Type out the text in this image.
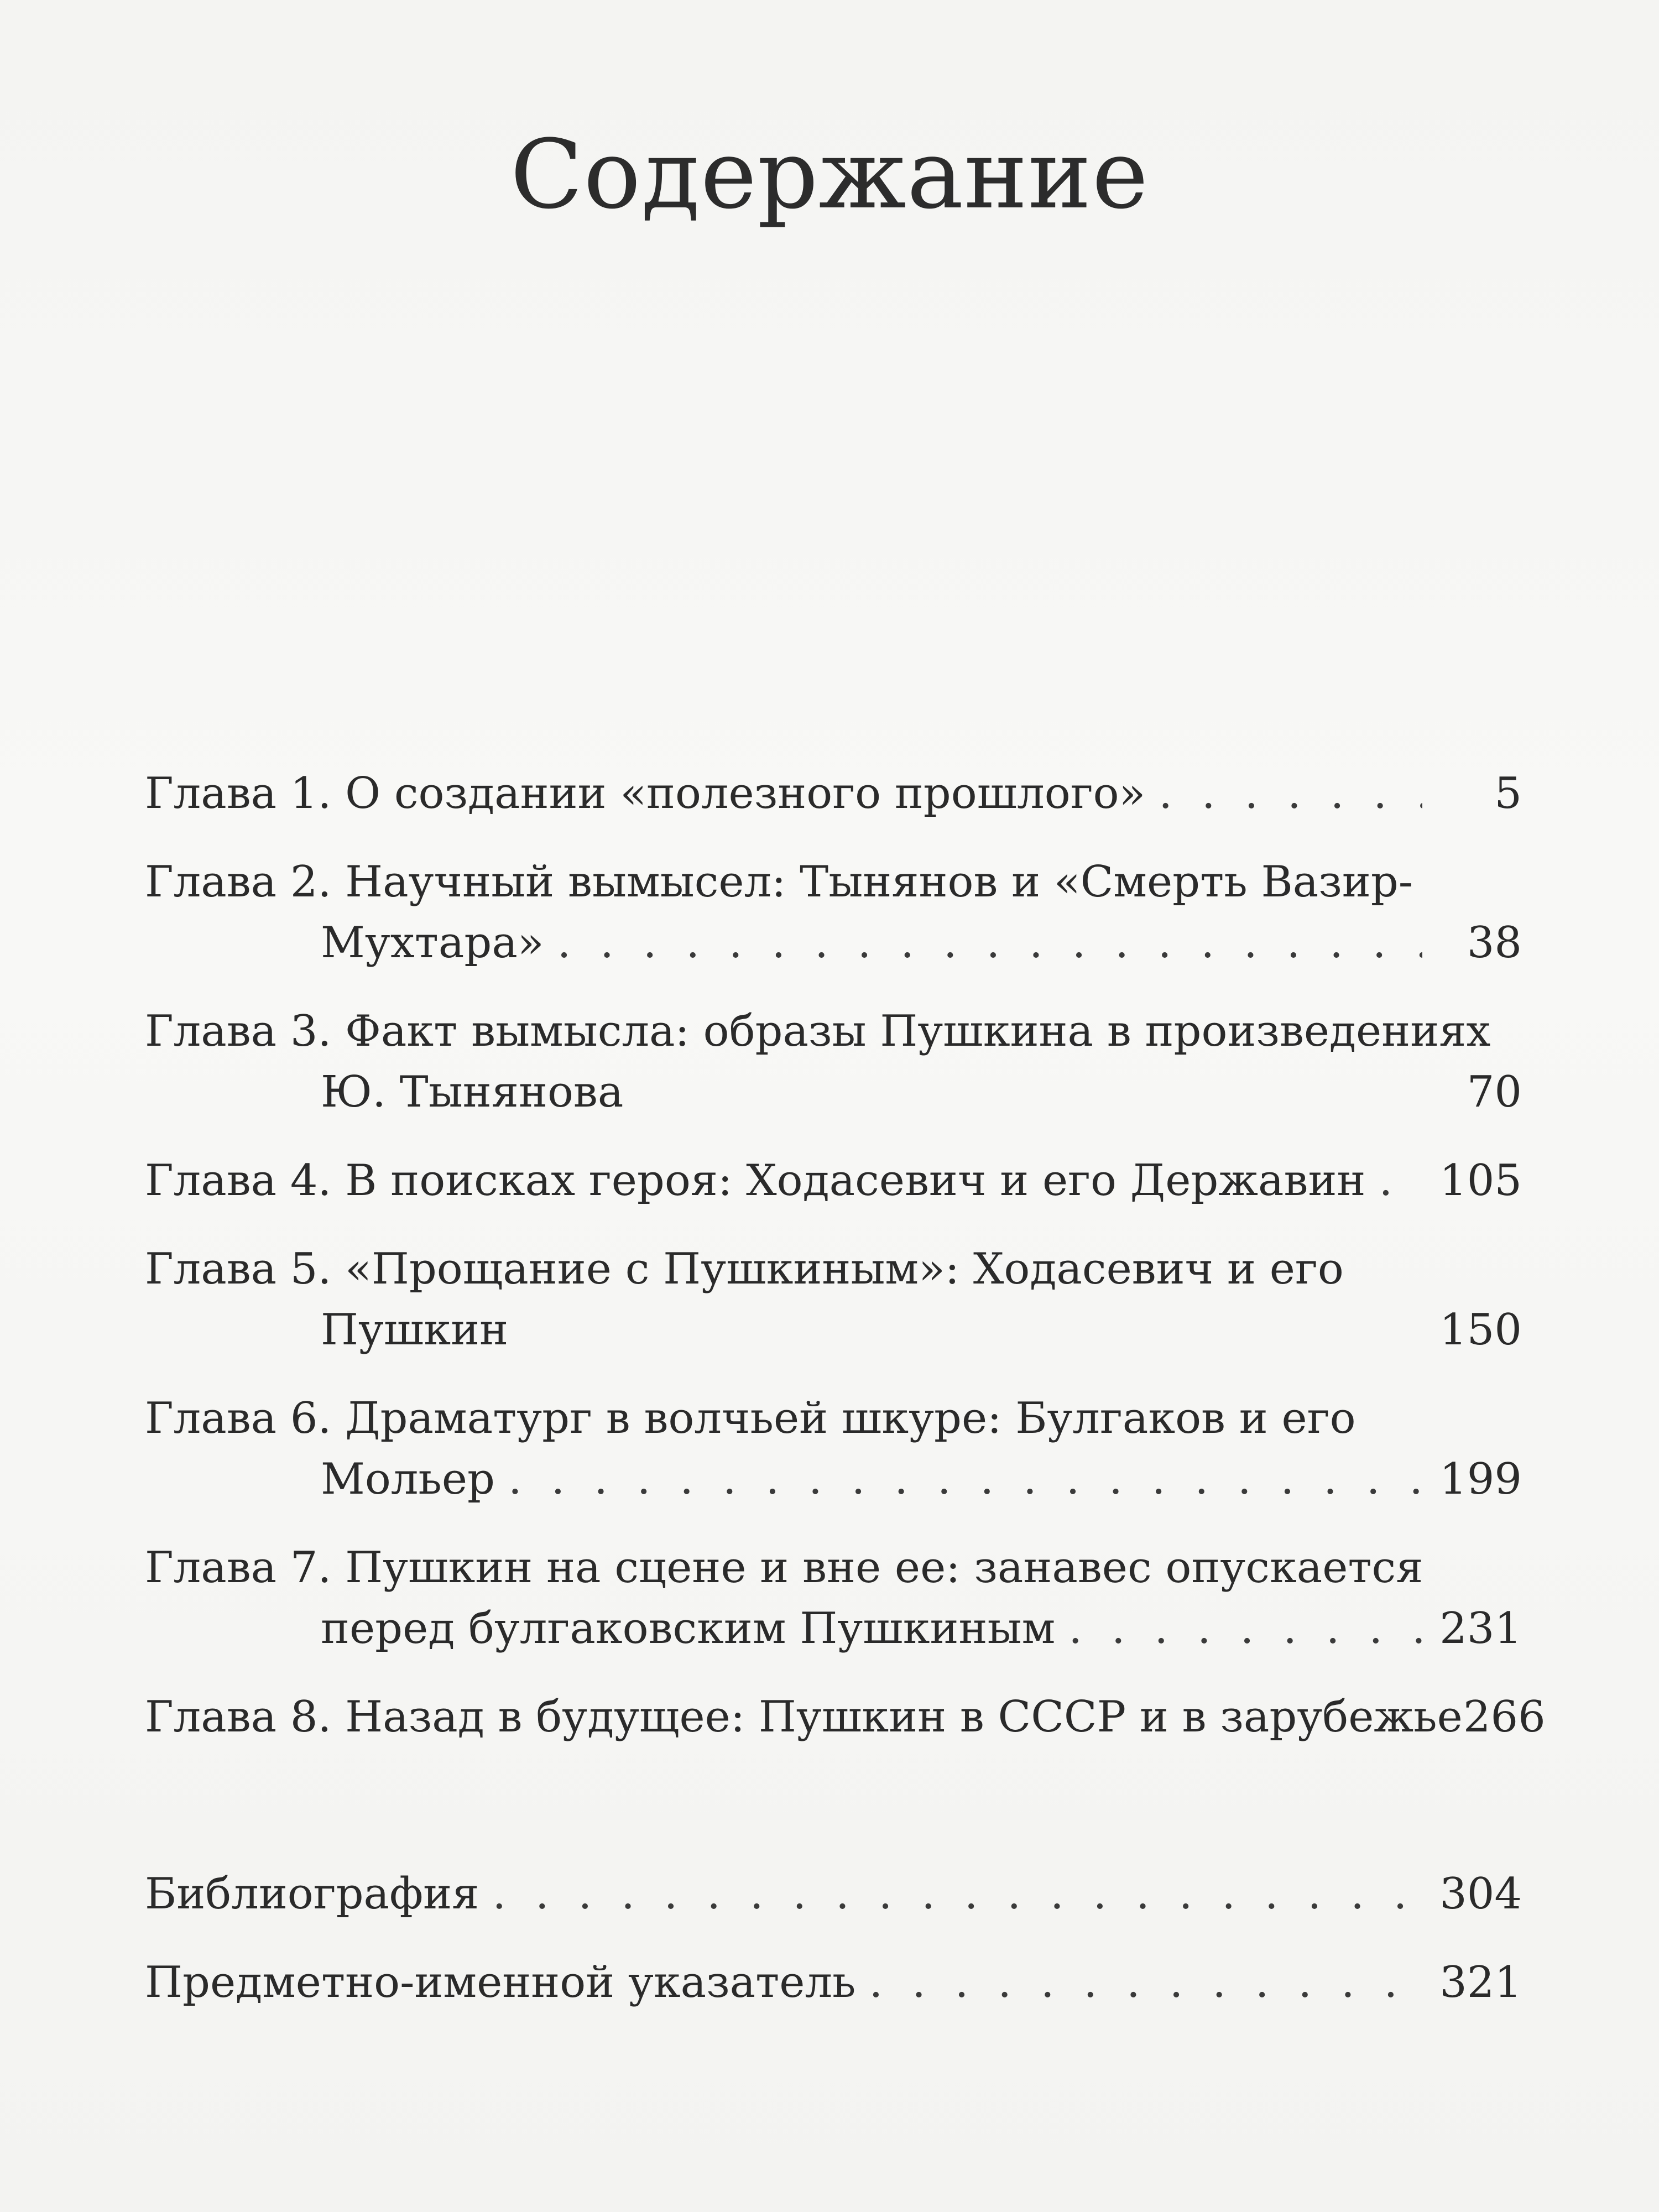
Содержание
Глава 1. О создании «полезного прошлого» . . .	5
Глава 2. Научный вымысел: Тынянов и «Смерть Вазир-
Мухтара» . . .	38
Глава 3. Факт вымысла: образы Пушкина в произведениях
Ю. Тынянова	70
Глава 4. В поисках героя: Ходасевич и его Державин . . . 105
Глава 5. «Прощание с Пушкиным»: Ходасевич и его
Пушкин	150
Глава 6. Драматург в волчьей шкуре: Булгаков и его
Мольер . . .	199
Глава 7. Пушкин на сцене и вне ее: занавес опускается
перед булгаковским Пушкиным . . .	231
Глава 8. Назад в будущее: Пушкин в СССР и в зарубежье 266
Библиография . . .	304
Предметно-именной указатель . . .	321
